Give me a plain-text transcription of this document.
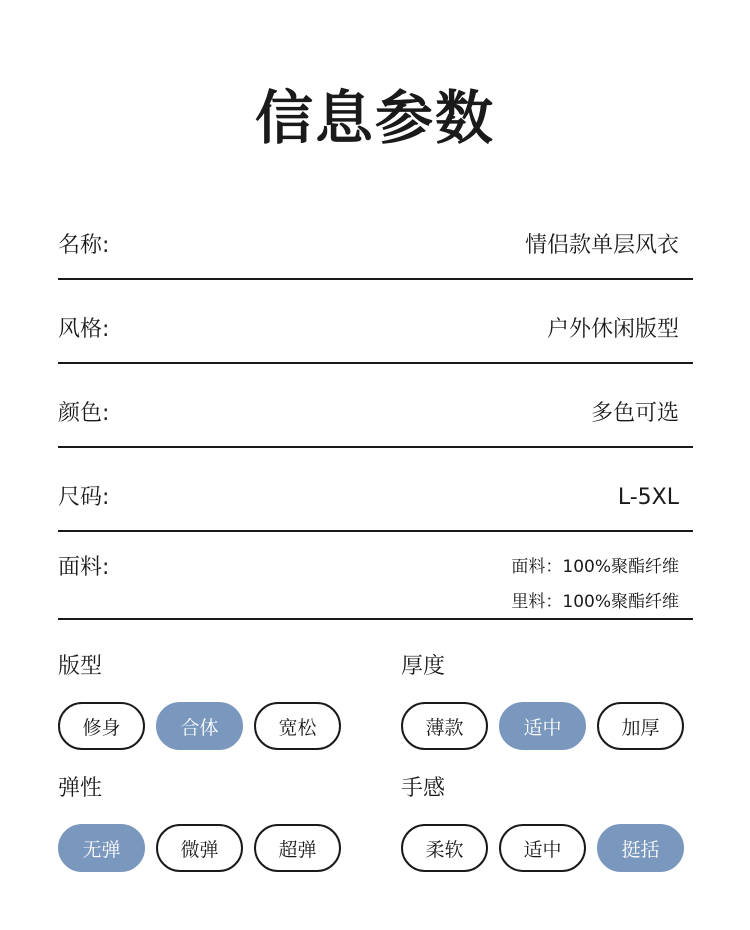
信息参数
名称:	情侣款单层风衣
风格:	户外休闲版型
颜色:	多色可选
尺码:	L-5XL
面料:	面料：100%聚酯纤维
里料：100%聚酯纤维
版型
修身	合体	宽松
厚度
薄款	适中	加厚
弹性
无弹	微弹	超弹
手感
柔软	适中	挺括
